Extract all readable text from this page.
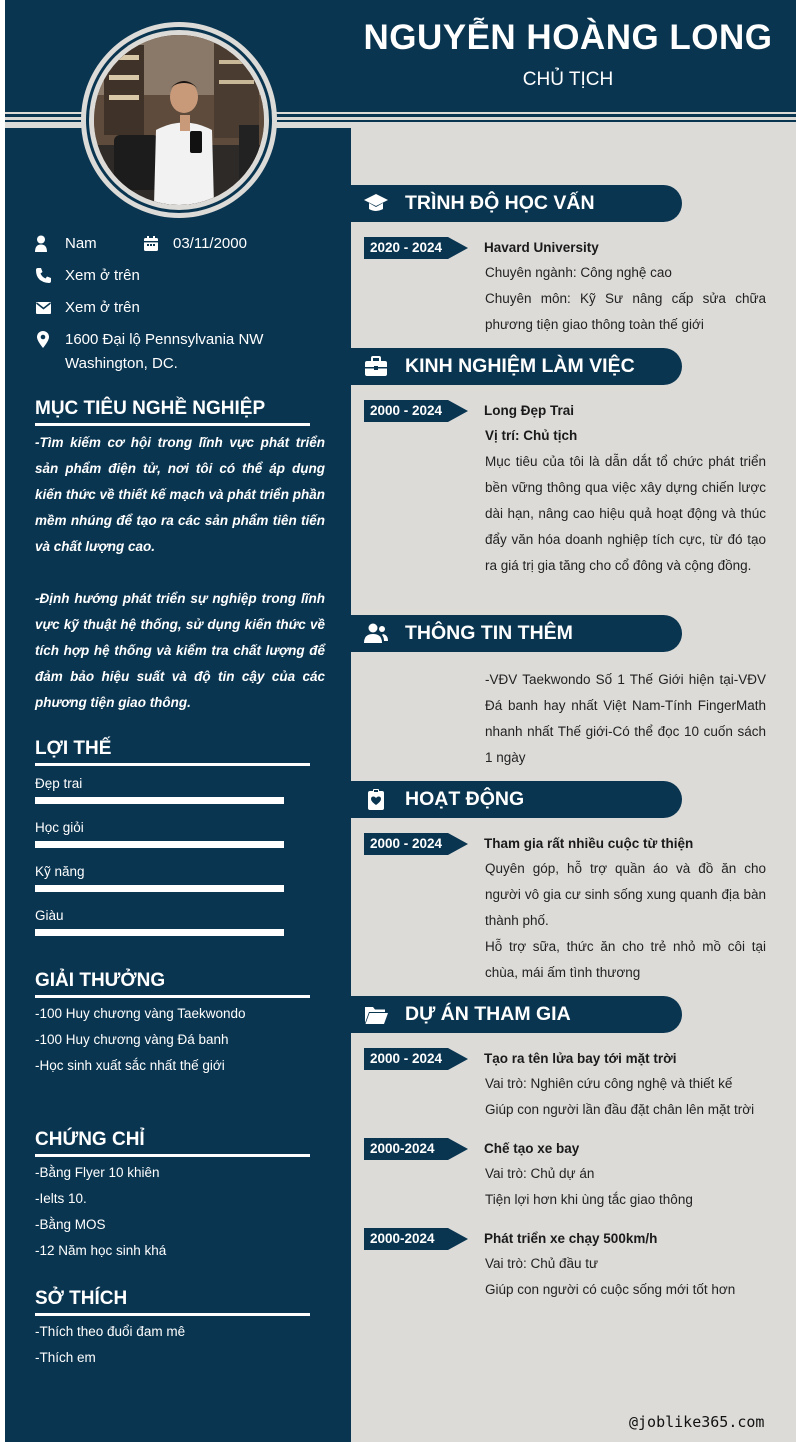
NGUYỄN HOÀNG LONG
CHỦ TỊCH
Nam	03/11/2000
Xem ở trên
Xem ở trên
1600 Đại lộ Pennsylvania NW
Washington, DC.
MỤC TIÊU NGHỀ NGHIỆP
-Tìm kiếm cơ hội trong lĩnh vực phát triển sản phẩm điện tử, nơi tôi có thể áp dụng kiến thức về thiết kế mạch và phát triển phần mềm nhúng để tạo ra các sản phẩm tiên tiến và chất lượng cao.
-Định hướng phát triển sự nghiệp trong lĩnh vực kỹ thuật hệ thống, sử dụng kiến thức về tích hợp hệ thống và kiểm tra chất lượng để đảm bảo hiệu suất và độ tin cậy của các phương tiện giao thông.
LỢI THẾ
Đẹp trai
Học giỏi
Kỹ năng
Giàu
GIẢI THƯỞNG
-100 Huy chương vàng Taekwondo
-100 Huy chương vàng Đá banh
-Học sinh xuất sắc nhất thế giới
CHỨNG CHỈ
-Bằng Flyer 10 khiên
-Ielts 10.
-Bằng MOS
-12 Năm học sinh khá
SỞ THÍCH
-Thích theo đuổi đam mê
-Thích em
TRÌNH ĐỘ HỌC VẤN
2020 - 2024	Havard University
Chuyên ngành: Công nghệ cao
Chuyên môn: Kỹ Sư nâng cấp sửa chữa phương tiện giao thông toàn thế giới
KINH NGHIỆM LÀM VIỆC
2000 - 2024	Long Đẹp Trai
Vị trí: Chủ tịch
Mục tiêu của tôi là dẫn dắt tổ chức phát triển bền vững thông qua việc xây dựng chiến lược dài hạn, nâng cao hiệu quả hoạt động và thúc đẩy văn hóa doanh nghiệp tích cực, từ đó tạo ra giá trị gia tăng cho cổ đông và cộng đồng.
THÔNG TIN THÊM
-VĐV Taekwondo Số 1 Thế Giới hiện tại-VĐV Đá banh hay nhất Việt Nam-Tính FingerMath nhanh nhất Thế giới-Có thể đọc 10 cuốn sách 1 ngày
HOẠT ĐỘNG
2000 - 2024	Tham gia rất nhiều cuộc từ thiện
Quyên góp, hỗ trợ quần áo và đồ ăn cho người vô gia cư sinh sống xung quanh địa bàn thành phố.
Hỗ trợ sữa, thức ăn cho trẻ nhỏ mồ côi tại chùa, mái ấm tình thương
DỰ ÁN THAM GIA
2000 - 2024	Tạo ra tên lửa bay tới mặt trời
Vai trò: Nghiên cứu công nghệ và thiết kế
Giúp con người lần đầu đặt chân lên mặt trời
2000-2024	Chế tạo xe bay
Vai trò: Chủ dự án
Tiện lợi hơn khi ùng tắc giao thông
2000-2024	Phát triển xe chạy 500km/h
Vai trò: Chủ đầu tư
Giúp con người có cuộc sống mới tốt hơn
@joblike365.com
